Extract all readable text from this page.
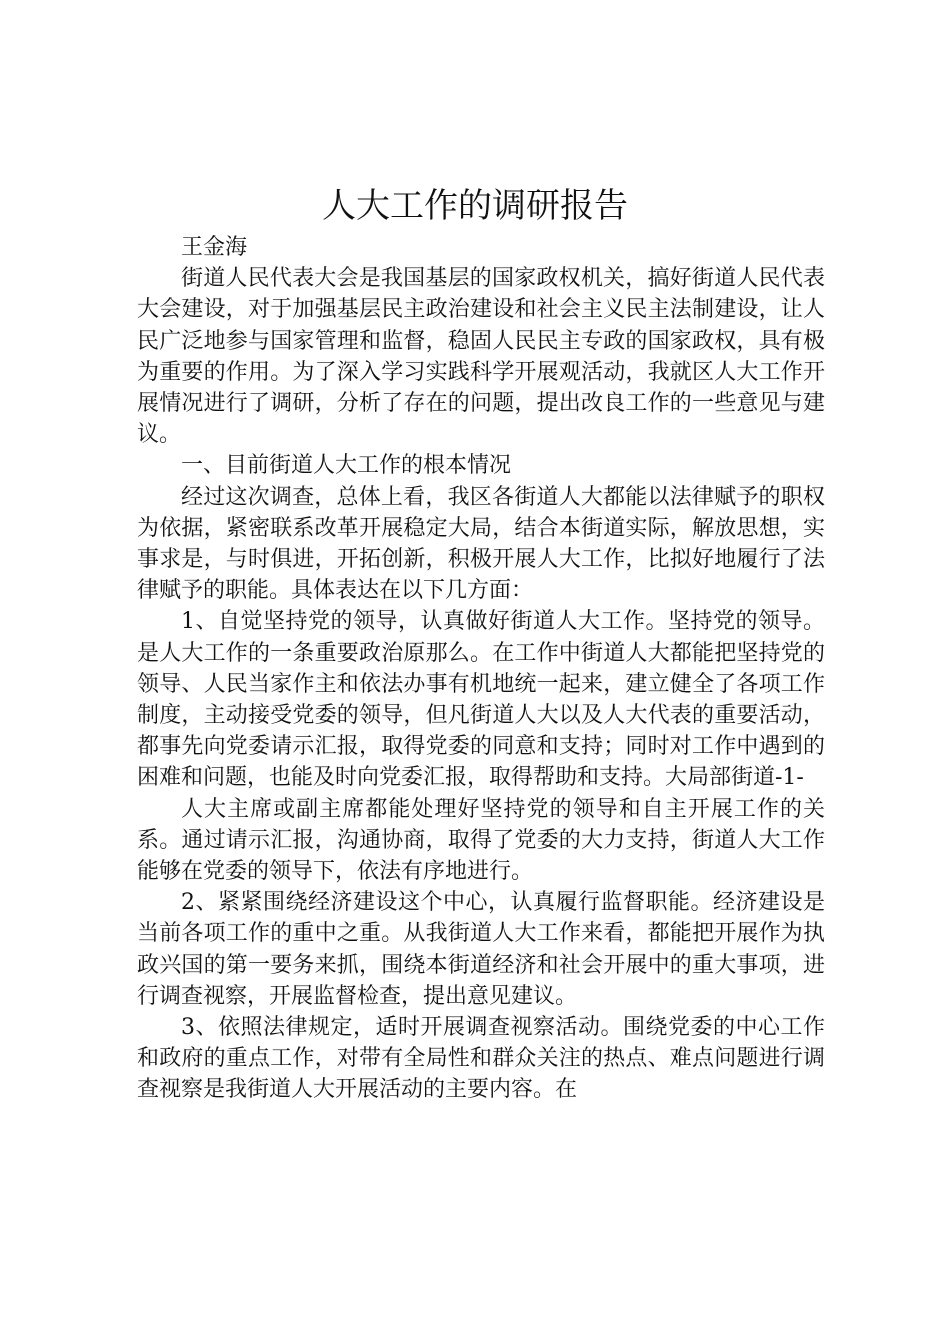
人大工作的调研报告

王金海

街道人民代表大会是我国基层的国家政权机关，搞好街道人民代表大会建设，对于加强基层民主政治建设和社会主义民主法制建设，让人民广泛地参与国家管理和监督，稳固人民民主专政的国家政权，具有极为重要的作用。为了深入学习实践科学开展观活动，我就区人大工作开展情况进行了调研，分析了存在的问题，提出改良工作的一些意见与建议。

一、目前街道人大工作的根本情况

经过这次调查，总体上看，我区各街道人大都能以法律赋予的职权为依据，紧密联系改革开展稳定大局，结合本街道实际，解放思想，实事求是，与时俱进，开拓创新，积极开展人大工作，比拟好地履行了法律赋予的职能。具体表达在以下几方面：

1、自觉坚持党的领导，认真做好街道人大工作。坚持党的领导。是人大工作的一条重要政治原那么。在工作中街道人大都能把坚持党的领导、人民当家作主和依法办事有机地统一起来，建立健全了各项工作制度，主动接受党委的领导，但凡街道人大以及人大代表的重要活动，都事先向党委请示汇报，取得党委的同意和支持；同时对工作中遇到的困难和问题，也能及时向党委汇报，取得帮助和支持。大局部街道-1-

人大主席或副主席都能处理好坚持党的领导和自主开展工作的关系。通过请示汇报，沟通协商，取得了党委的大力支持，街道人大工作能够在党委的领导下，依法有序地进行。

2、紧紧围绕经济建设这个中心，认真履行监督职能。经济建设是当前各项工作的重中之重。从我街道人大工作来看，都能把开展作为执政兴国的第一要务来抓，围绕本街道经济和社会开展中的重大事项，进行调查视察，开展监督检查，提出意见建议。

3、依照法律规定，适时开展调查视察活动。围绕党委的中心工作和政府的重点工作，对带有全局性和群众关注的热点、难点问题进行调查视察是我街道人大开展活动的主要内容。在
